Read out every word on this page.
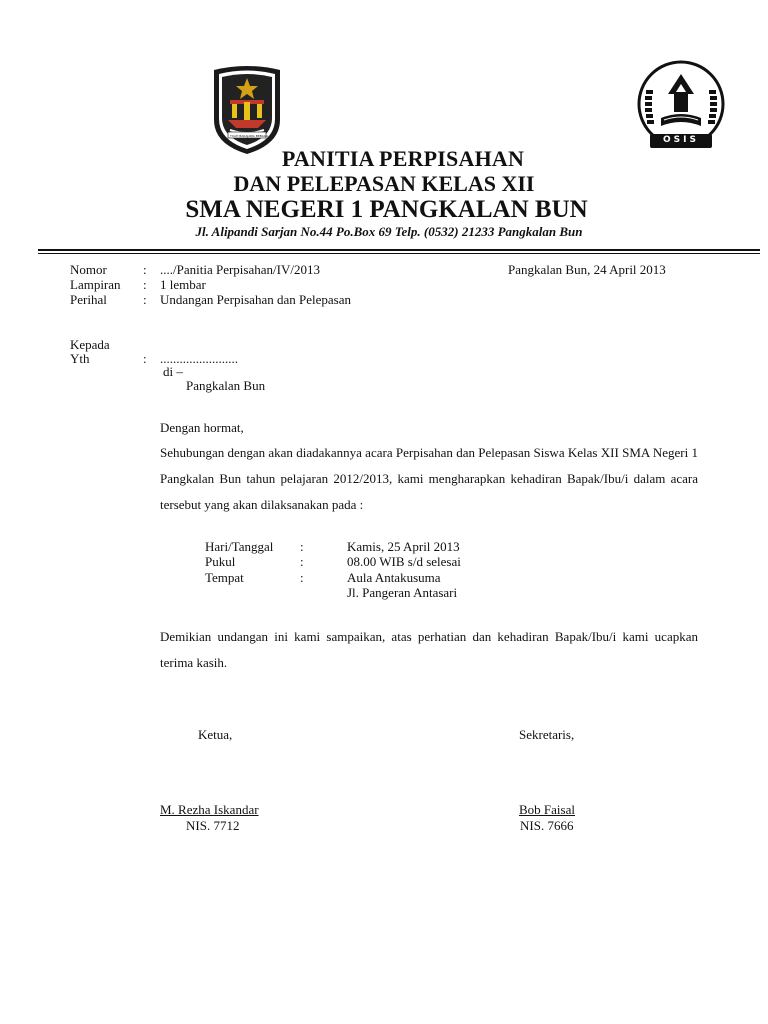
TUAH BAKAJANG BEBAGA	OSIS
PANITIA PERPISAHAN
DAN PELEPASAN KELAS XII
SMA NEGERI 1 PANGKALAN BUN
Jl. Alipandi Sarjan No.44 Po.Box 69 Telp. (0532) 21233 Pangkalan Bun
Nomor	: ..../Panitia Perpisahan/IV/2013
Lampiran : 1 lembar
Perihal	: Undangan Perpisahan dan Pelepasan
Pangkalan Bun, 24 April 2013
Kepada
Yth	: ........................
di –
Pangkalan Bun
Dengan hormat,
Sehubungan dengan akan diadakannya acara Perpisahan dan Pelepasan Siswa Kelas XII SMA Negeri 1 Pangkalan Bun tahun pelajaran 2012/2013, kami mengharapkan kehadiran Bapak/Ibu/i dalam acara tersebut yang akan dilaksanakan pada :
Hari/Tanggal :	Kamis, 25 April 2013
Pukul	:	08.00 WIB s/d selesai
Tempat	:	Aula Antakusuma
Jl. Pangeran Antasari
Demikian undangan ini kami sampaikan, atas perhatian dan kehadiran Bapak/Ibu/i kami ucapkan terima kasih.
Ketua,	Sekretaris,
M. Rezha Iskandar
NIS. 7712
Bob Faisal
NIS. 7666
